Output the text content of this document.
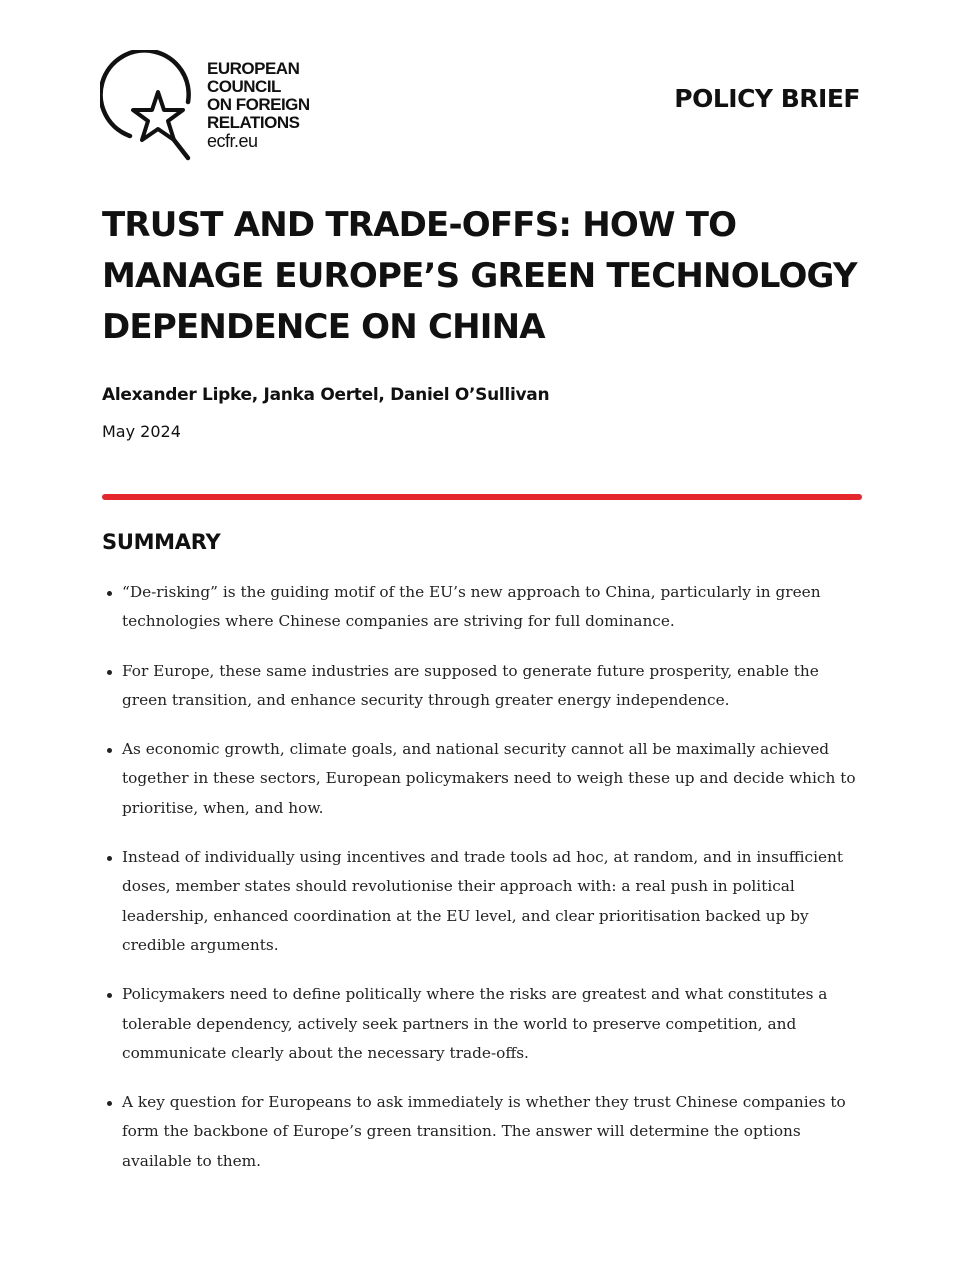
EUROPEAN
COUNCIL
ON FOREIGN
RELATIONS
ecfr.eu
POLICY BRIEF
TRUST AND TRADE-OFFS: HOW TO MANAGE EUROPE’S GREEN TECHNOLOGY DEPENDENCE ON CHINA
Alexander Lipke, Janka Oertel, Daniel O’Sullivan
May 2024
SUMMARY
“De-risking” is the guiding motif of the EU’s new approach to China, particularly in green technologies where Chinese companies are striving for full dominance.
For Europe, these same industries are supposed to generate future prosperity, enable the green transition, and enhance security through greater energy independence.
As economic growth, climate goals, and national security cannot all be maximally achieved together in these sectors, European policymakers need to weigh these up and decide which to prioritise, when, and how.
Instead of individually using incentives and trade tools ad hoc, at random, and in insufficient doses, member states should revolutionise their approach with: a real push in political leadership, enhanced coordination at the EU level, and clear prioritisation backed up by credible arguments.
Policymakers need to define politically where the risks are greatest and what constitutes a tolerable dependency, actively seek partners in the world to preserve competition, and communicate clearly about the necessary trade-offs.
A key question for Europeans to ask immediately is whether they trust Chinese companies to form the backbone of Europe’s green transition. The answer will determine the options available to them.
